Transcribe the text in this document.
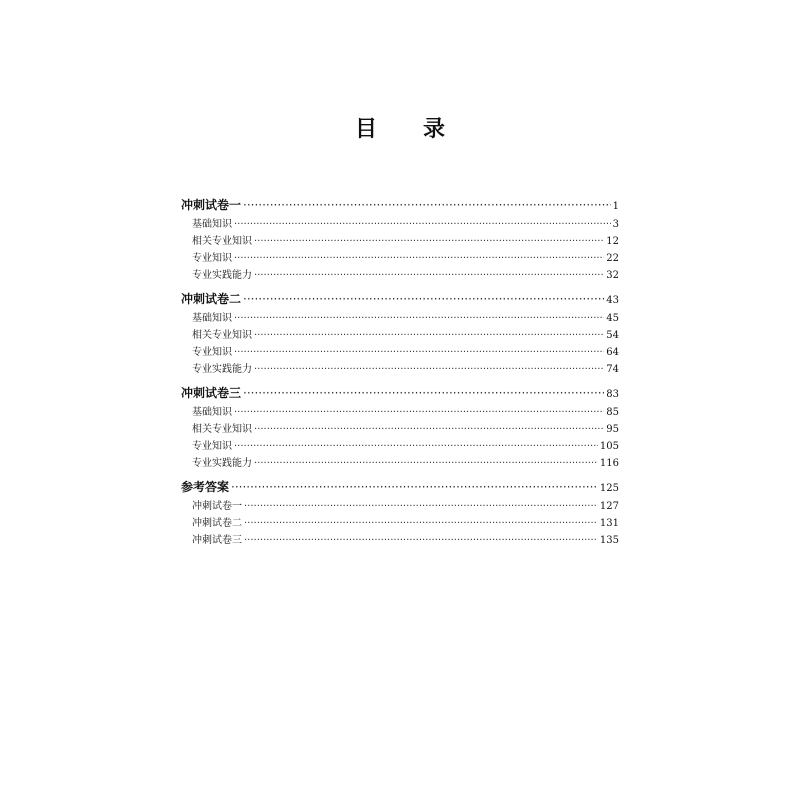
目 录
冲刺试卷一 ·····	1
基础知识 ·····	3
相关专业知识 ·····	12
专业知识 ·····	22
专业实践能力 ·····	32
冲刺试卷二 ·····	43
基础知识 ·····	45
相关专业知识 ·····	54
专业知识 ·····	64
专业实践能力 ·····	74
冲刺试卷三 ·····	83
基础知识 ·····	85
相关专业知识 ·····	95
专业知识 ·····	105
专业实践能力 ·····	116
参考答案 ·····	125
冲刺试卷一 ·····	127
冲刺试卷二 ·····	131
冲刺试卷三 ·····	135
